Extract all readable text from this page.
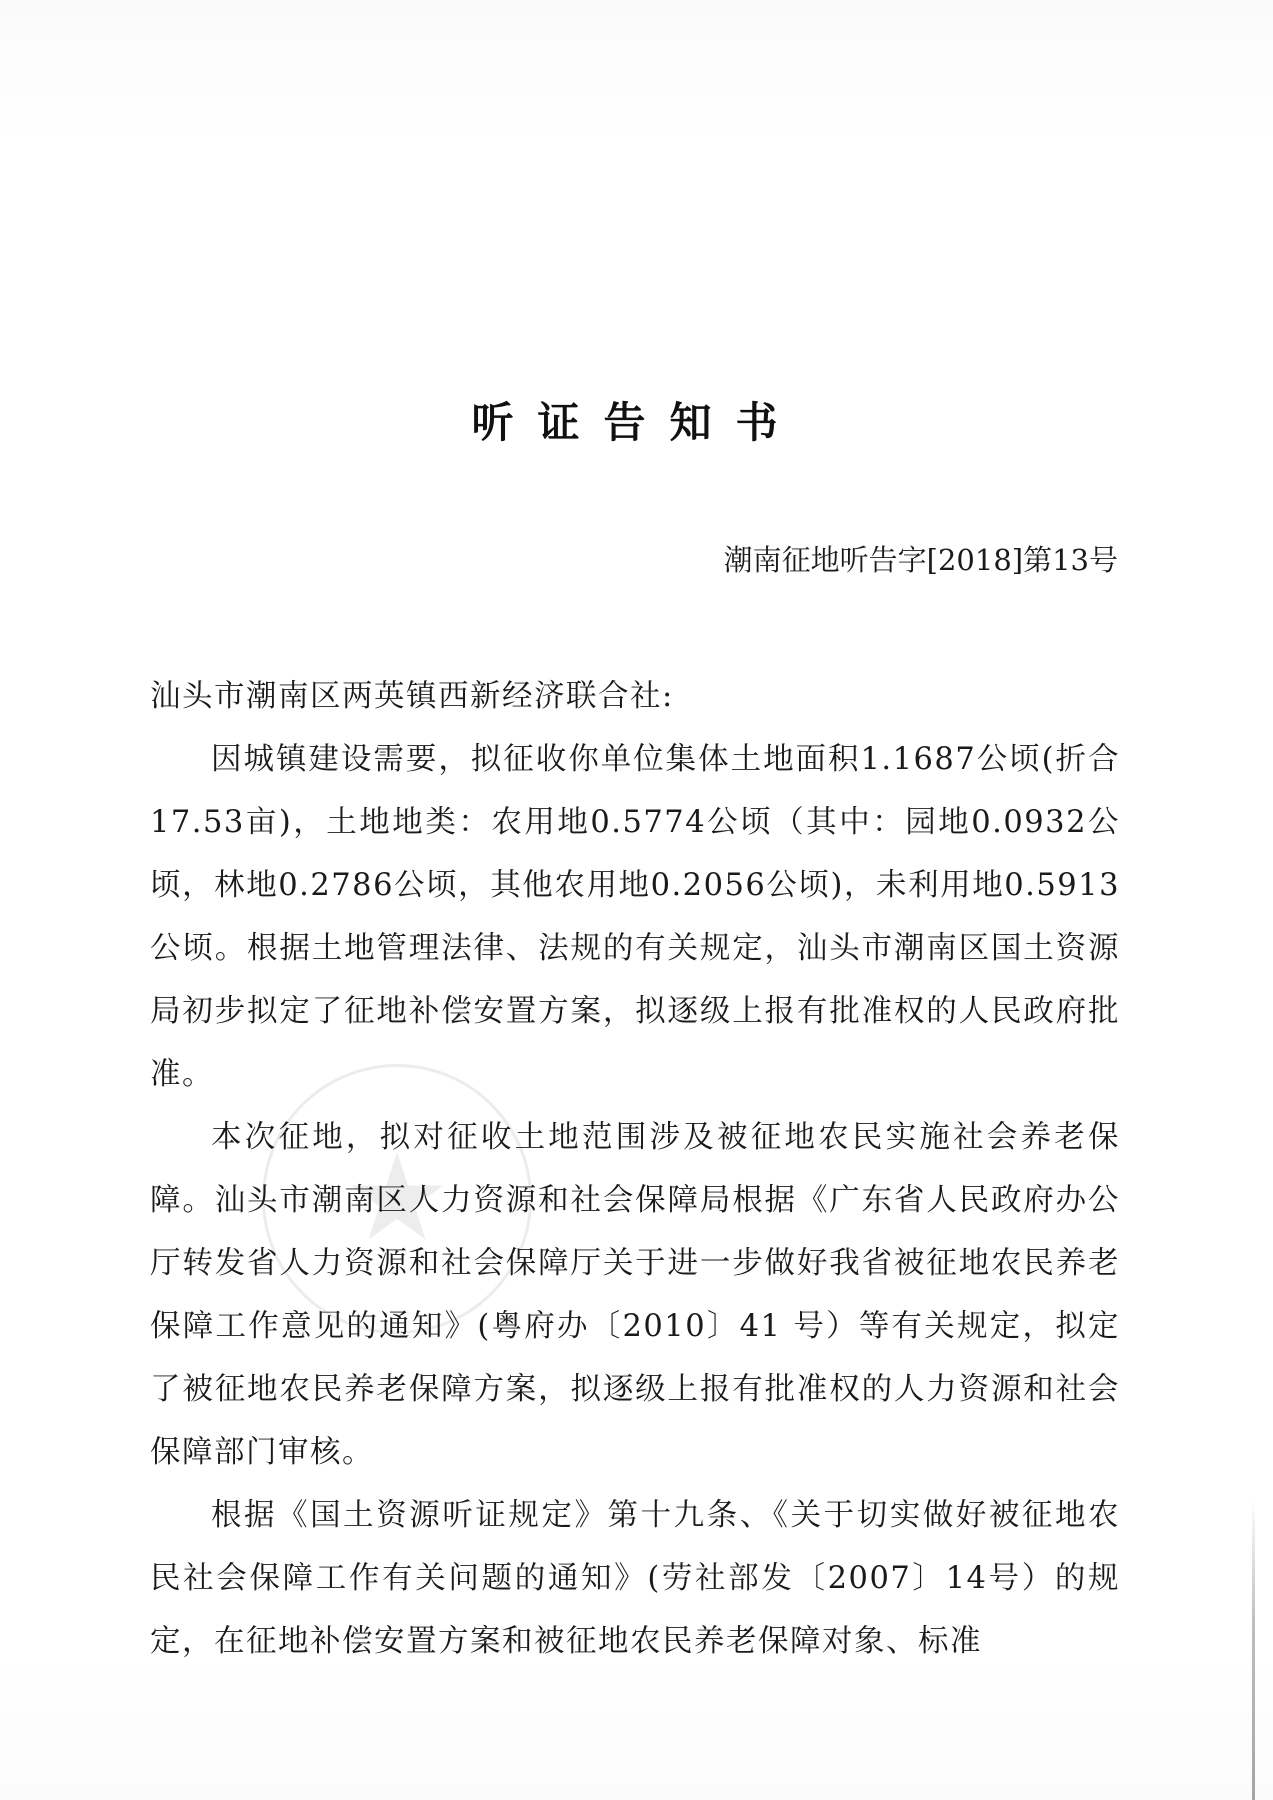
★
听证告知书
潮南征地听告字[2018]第13号

汕头市潮南区两英镇西新经济联合社:

因城镇建设需要，拟征收你单位集体土地面积1.1687公顷(折合17.53亩)，土地地类：农用地0.5774公顷（其中：园地0.0932公顷，林地0.2786公顷，其他农用地0.2056公顷)，未利用地0.5913公顷。根据土地管理法律、法规的有关规定，汕头市潮南区国土资源局初步拟定了征地补偿安置方案，拟逐级上报有批准权的人民政府批准。

本次征地，拟对征收土地范围涉及被征地农民实施社会养老保障。汕头市潮南区人力资源和社会保障局根据《广东省人民政府办公厅转发省人力资源和社会保障厅关于进一步做好我省被征地农民养老保障工作意见的通知》(粤府办〔2010〕41 号）等有关规定，拟定了被征地农民养老保障方案，拟逐级上报有批准权的人力资源和社会保障部门审核。

根据《国土资源听证规定》第十九条、《关于切实做好被征地农民社会保障工作有关问题的通知》(劳社部发〔2007〕14号）的规定，在征地补偿安置方案和被征地农民养老保障对象、标准
